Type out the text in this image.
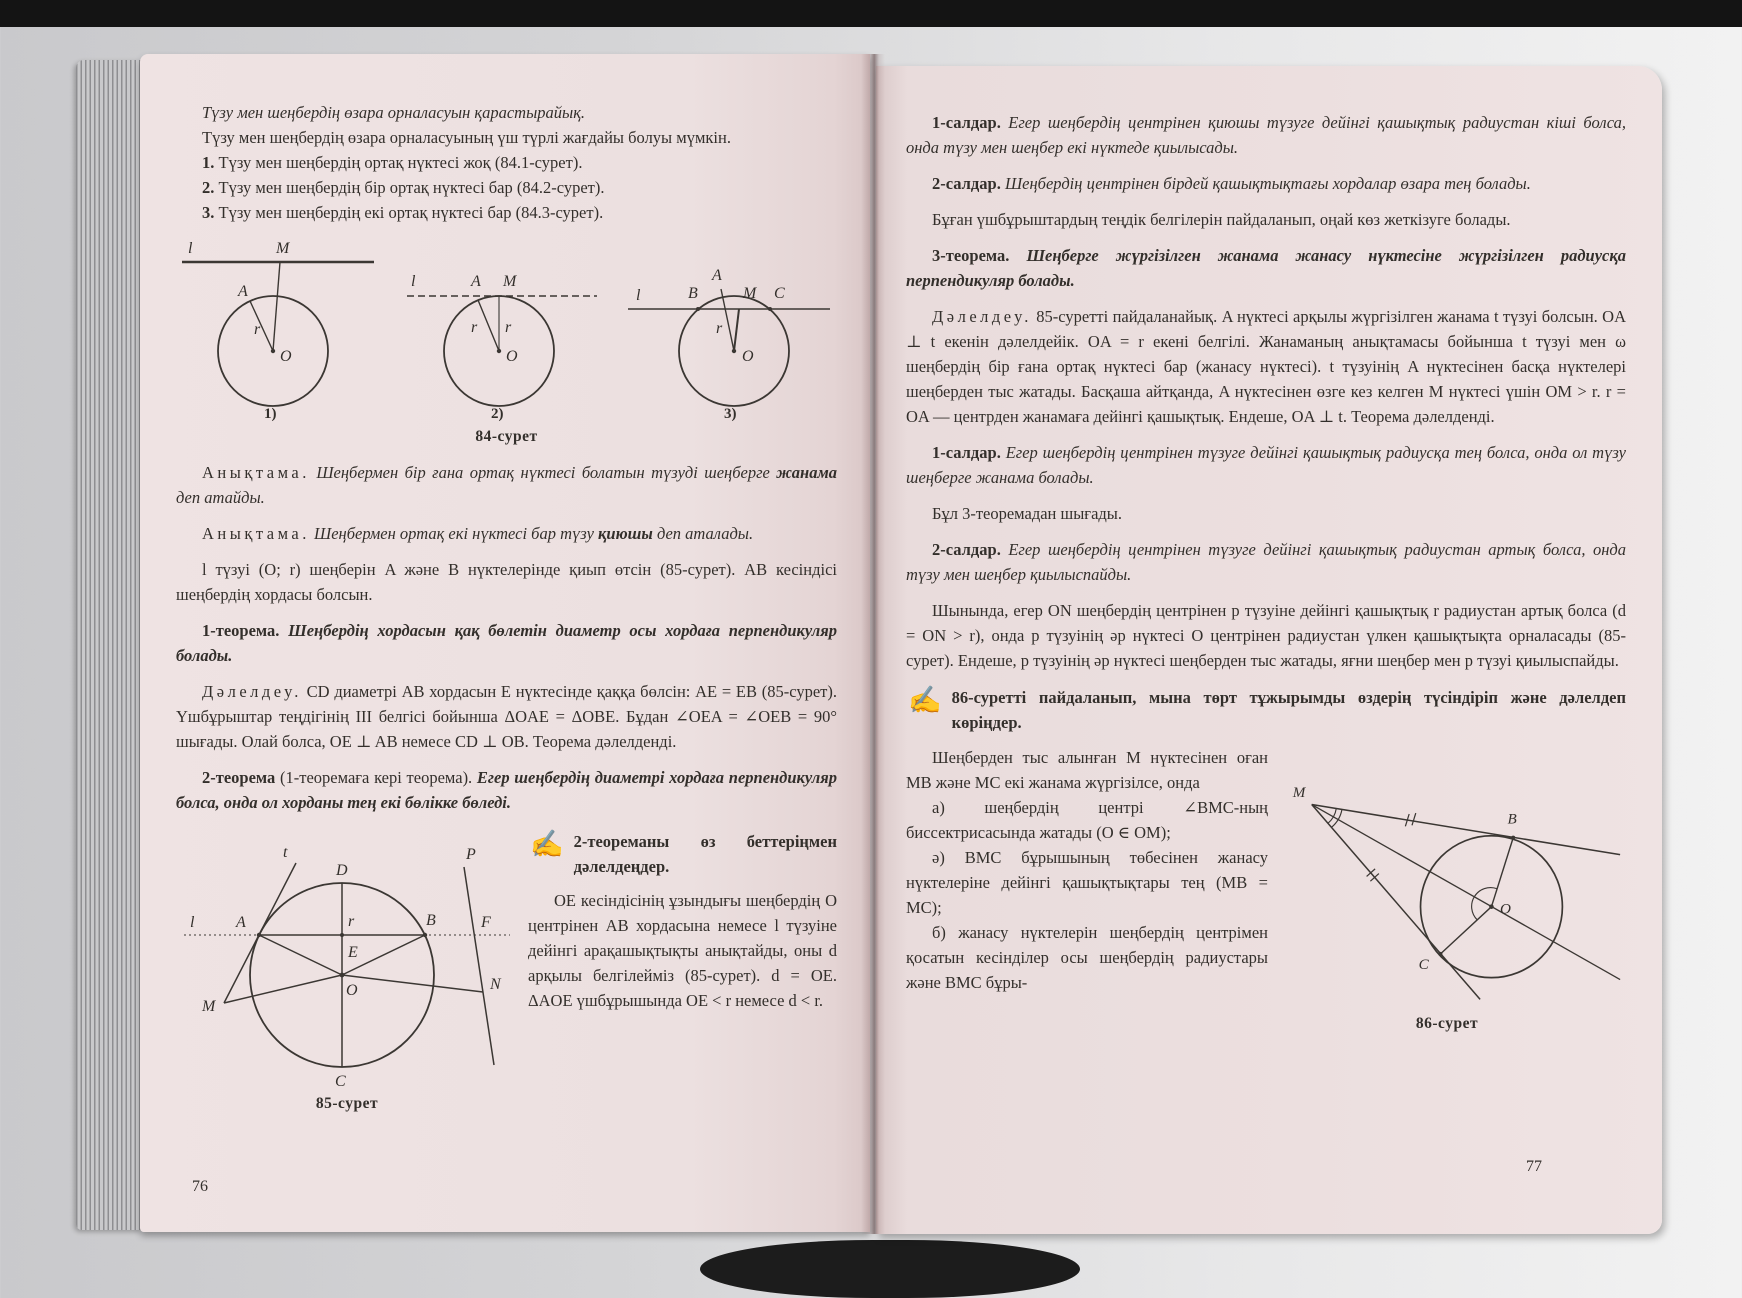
Түзу мен шеңбердің өзара орналасуын қарастырайық.

Түзу мен шеңбердің өзара орналасуының үш түрлі жағдайы болуы мүмкін.

1. Түзу мен шеңбердің ортақ нүктесі жоқ (84.1-сурет).

2. Түзу мен шеңбердің бір ортақ нүктесі бар (84.2-сурет).

3. Түзу мен шеңбердің екі ортақ нүктесі бар (84.3-сурет).

l	M
A
r
O
1)
l	A M
r r
O
2)
l	B	M C
A
r
O
3)
84-сурет

Анықтама. Шеңбермен бір ғана ортақ нүктесі болатын түзуді шеңберге жанама деп атайды.

Анықтама. Шеңбермен ортақ екі нүктесі бар түзу қиюшы деп аталады.

l түзуі (O; r) шеңберін A және B нүктелерінде қиып өтсін (85-сурет). AB кесіндісі шеңбердің хордасы болсын.

1-теорема. Шеңбердің хордасын қақ бөлетін диаметр осы хордаға перпендикуляр болады.

Дәлелдеу. CD диаметрі AB хордасын E нүктесінде қаққа бөлсін: AE = EB (85-сурет). Үшбұрыштар теңдігінің III белгісі бойынша ΔOAE = ΔOBE. Бұдан ∠OEA = ∠OEB = 90° шығады. Олай болса, OE ⊥ AB немесе CD ⊥ OB. Теорема дәлелденді.

2-теорема (1-теоремаға кері теорема). Егер шеңбердің диаметрі хордаға перпендикуляр болса, онда ол хорданы тең екі бөлікке бөледі.

t
D
r
A	B	F
P
l
E
M
N
O
C
85-сурет
✍ 2-теореманы өз беттеріңмен дәлелдеңдер.

OE кесіндісінің ұзындығы шеңбердің O центрінен AB хордасына немесе l түзуіне дейінгі арақашықтықты анықтайды, оны d арқылы белгілейміз (85-сурет). d = OE. ΔAOE үшбұрышында OE < r немесе d < r.

76

1-салдар. Егер шеңбердің центрінен қиюшы түзуге дейінгі қашықтық радиустан кіші болса, онда түзу мен шеңбер екі нүктеде қиылысады.

2-салдар. Шеңбердің центрінен бірдей қашықтықтағы хордалар өзара тең болады.

Бұған үшбұрыштардың теңдік белгілерін пайдаланып, оңай көз жеткізуге болады.

3-теорема. Шеңберге жүргізілген жанама жанасу нүктесіне жүргізілген радиусқа перпендикуляр болады.

Дәлелдеу. 85-суретті пайдаланайық. A нүктесі арқылы жүргізілген жанама t түзуі болсын. OA ⊥ t екенін дәлелдейік. OA = r екені белгілі. Жанаманың анықтамасы бойынша t түзуі мен ω шеңбердің бір ғана ортақ нүктесі бар (жанасу нүктесі). t түзуінің A нүктесінен басқа нүктелері шеңберден тыс жатады. Басқаша айтқанда, A нүктесінен өзге кез келген M нүктесі үшін OM > r. r = OA — центрден жанамаға дейінгі қашықтық. Ендеше, OA ⊥ t. Теорема дәлелденді.

1-салдар. Егер шеңбердің центрінен түзуге дейінгі қашықтық радиусқа тең болса, онда ол түзу шеңберге жанама болады.

Бұл 3-теоремадан шығады.

2-салдар. Егер шеңбердің центрінен түзуге дейінгі қашықтық радиустан артық болса, онда түзу мен шеңбер қиылыспайды.

Шынында, егер ON шеңбердің центрінен p түзуіне дейінгі қашықтық r радиустан артық болса (d = ON > r), онда p түзуінің әр нүктесі O центрінен радиустан үлкен қашықтықта орналасады (85-сурет). Ендеше, p түзуінің әр нүктесі шеңберден тыс жатады, яғни шеңбер мен p түзуі қиылыспайды.

✍ 86-суретті пайдаланып, мына төрт тұжырымды өздерің түсіндіріп және дәлелдеп көріңдер.

Шеңберден тыс алынған M нүктесінен оған MB және MC екі жанама жүргізілсе, онда

а) шеңбердің центрі ∠BMC-ның биссектрисасында жатады (O ∈ OM);

ә) BMC бұрышының төбесінен жанасу нүктелеріне дейінгі қашықтықтары тең (MB = MC);

б) жанасу нүктелерін шеңбердің центрімен қосатын кесінділер осы шеңбердің радиустары және BMC бұры-

M
B
C
O
86-сурет
77
